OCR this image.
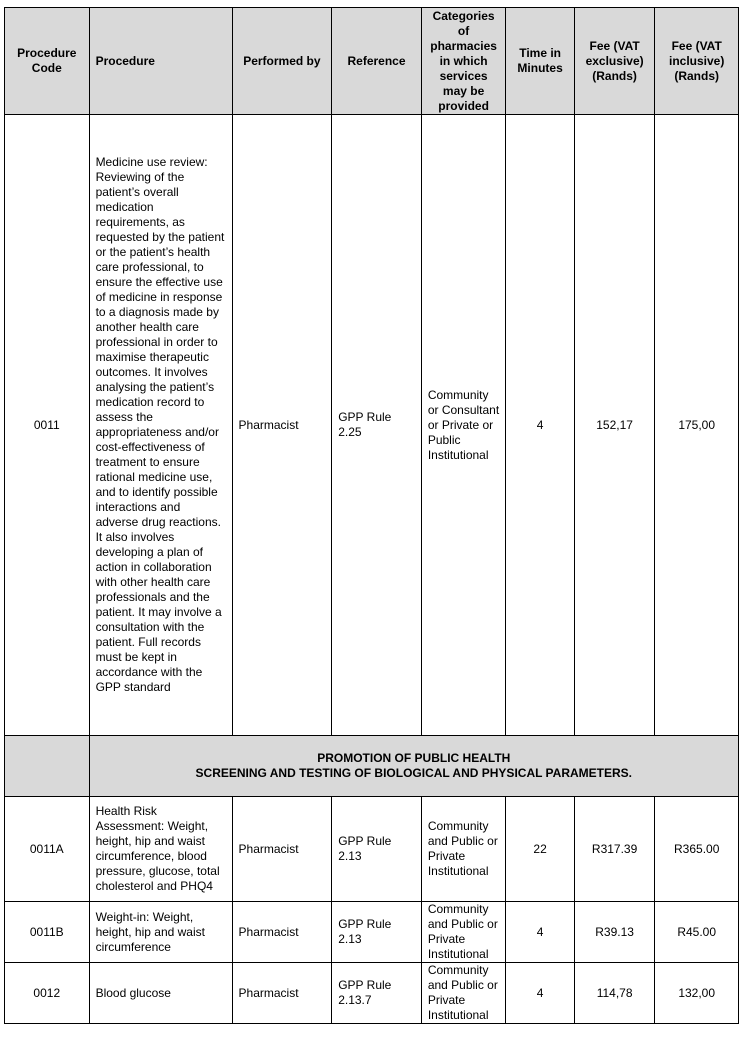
Procedure Code	Procedure	Performed by	Reference	Categories of pharmacies in which services may be provided	Time in Minutes	Fee (VAT exclusive) (Rands)	Fee (VAT inclusive) (Rands)
0011	Medicine use review: Reviewing of the patient’s overall medication requirements, as requested by the patient or the patient’s health care professional, to ensure the effective use of medicine in response to a diagnosis made by another health care professional in order to maximise therapeutic outcomes. It involves analysing the patient’s medication record to assess the appropriateness and/or cost-effectiveness of treatment to ensure rational medicine use, and to identify possible interactions and adverse drug reactions. It also involves developing a plan of action in collaboration with other health care professionals and the patient. It may involve a consultation with the patient. Full records must be kept in accordance with the GPP standard	Pharmacist	GPP Rule 2.25	Community or Consultant or Private or Public Institutional	4	152,17	175,00

	PROMOTION OF PUBLIC HEALTH
SCREENING AND TESTING OF BIOLOGICAL AND PHYSICAL PARAMETERS.						

0011A	Health Risk Assessment: Weight, height, hip and waist circumference, blood pressure, glucose, total cholesterol and PHQ4	Pharmacist	GPP Rule 2.13	Community and Public or Private Institutional	22	R317.39	R365.00
0011B	Weight-in: Weight, height, hip and waist circumference	Pharmacist	GPP Rule 2.13	Community and Public or Private Institutional	4	R39.13	R45.00
0012	Blood glucose	Pharmacist	GPP Rule 2.13.7	Community and Public or Private Institutional	4	114,78	132,00
